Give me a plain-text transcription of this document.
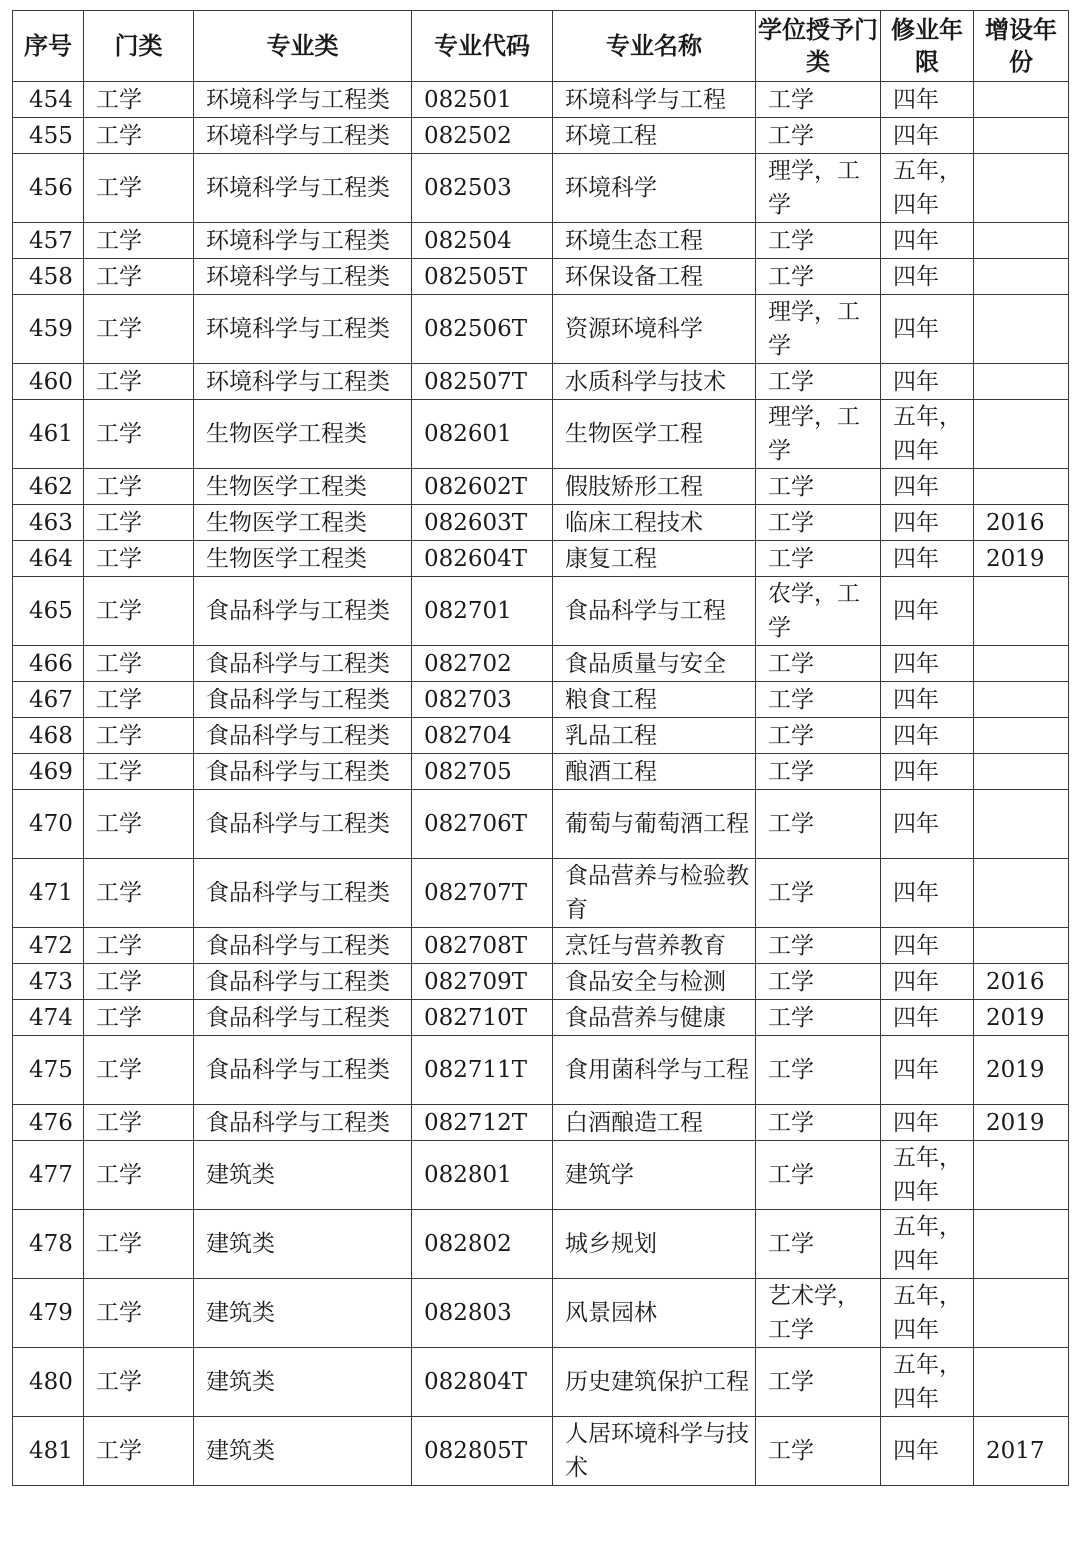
序号	门类	专业类	专业代码	专业名称	学位授予门类	修业年限	增设年份
454	工学	环境科学与工程类	082501	环境科学与工程	工学	四年	
455	工学	环境科学与工程类	082502	环境工程	工学	四年	
456	工学	环境科学与工程类	082503	环境科学	理学，工学	五年，四年	
457	工学	环境科学与工程类	082504	环境生态工程	工学	四年	
458	工学	环境科学与工程类	082505T	环保设备工程	工学	四年	
459	工学	环境科学与工程类	082506T	资源环境科学	理学，工学	四年	
460	工学	环境科学与工程类	082507T	水质科学与技术	工学	四年	
461	工学	生物医学工程类	082601	生物医学工程	理学，工学	五年，四年	
462	工学	生物医学工程类	082602T	假肢矫形工程	工学	四年	
463	工学	生物医学工程类	082603T	临床工程技术	工学	四年	2016
464	工学	生物医学工程类	082604T	康复工程	工学	四年	2019
465	工学	食品科学与工程类	082701	食品科学与工程	农学，工学	四年	
466	工学	食品科学与工程类	082702	食品质量与安全	工学	四年	
467	工学	食品科学与工程类	082703	粮食工程	工学	四年	
468	工学	食品科学与工程类	082704	乳品工程	工学	四年	
469	工学	食品科学与工程类	082705	酿酒工程	工学	四年	
470	工学	食品科学与工程类	082706T	葡萄与葡萄酒工程	工学	四年	
471	工学	食品科学与工程类	082707T	食品营养与检验教育	工学	四年	
472	工学	食品科学与工程类	082708T	烹饪与营养教育	工学	四年	
473	工学	食品科学与工程类	082709T	食品安全与检测	工学	四年	2016
474	工学	食品科学与工程类	082710T	食品营养与健康	工学	四年	2019
475	工学	食品科学与工程类	082711T	食用菌科学与工程	工学	四年	2019
476	工学	食品科学与工程类	082712T	白酒酿造工程	工学	四年	2019
477	工学	建筑类	082801	建筑学	工学	五年，四年	
478	工学	建筑类	082802	城乡规划	工学	五年，四年	
479	工学	建筑类	082803	风景园林	艺术学，工学	五年，四年	
480	工学	建筑类	082804T	历史建筑保护工程	工学	五年，四年	
481	工学	建筑类	082805T	人居环境科学与技术	工学	四年	2017
